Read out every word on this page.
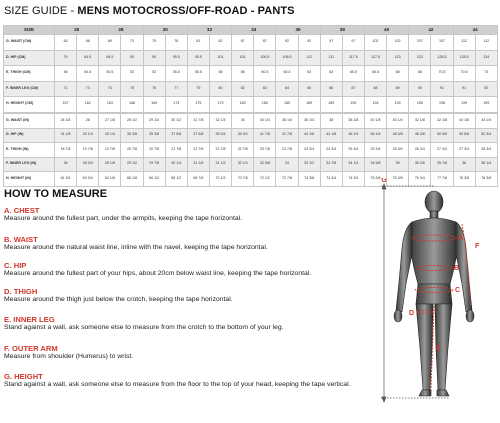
SIZE GUIDE - MENS MOTOCROSS/OFF-ROAD - PANTS
SIZE	26		28		30		32		34		36		38		40		42		44	
G. WAIST (CM)	63	66	69	73	75	78	81	82	87	87	92	92	97	97	102	102	107	107	112	112
D. HIP (CM)	79	84.5	84.5	90	90	95.5	95.5	101	101	106.5	106.5	112	112	117.5	117.5	123	123	128.5	128.5	134
E. THIGH (CM)	48	54.5	50.5	53	53	55.5	55.5	58	58	60.5	60.5	63	63	65.5	65.5	68	68	70.5	70.5	73
F. INNER LEG (CM)	71	73	74	75	76	77	79	80	82	83	84	85	86	87	88	89	90	91	91	92
H. HEIGHT (CM)	157	162	163	168	169	174	175	179	180	184	185	189	189	190	194	194	195	198	199	199
G. WAIST (IN)	24 3/4	26	27 1/8	28 1/2	29 1/2	30 1/2	31 7/8	32 1/4	34	34 1/4	36 1/4	36 1/4	38	38 1/8	40 1/8	40 1/4	42 1/8	42 1/8	44 1/8	44 1/4
D. HIP (IN)	31 1/8	33 1/4	33 1/4	35 3/8	35 3/8	37 5/8	37 5/8	39 3/4	39 3/4	41 7/8	41 7/8	44 1/8	44 1/8	46 1/4	46 1/4	48 3/8	48 3/8	50 5/8	50 5/8	52 3/4
E. THIGH (IN)	18 7/8	19 7/8	19 7/8	20 7/8	20 7/8	21 7/8	21 7/8	22 7/8	22 7/8	23 7/8	23 7/8	24 3/4	24 3/4	25 3/4	25 3/4	26 3/4	26 3/4	27 3/4	27 3/4	28 3/4
F. INNER LEG (IN)	28	28 3/4	29 1/8	29 1/2	29 7/8	30 1/4	31 1/8	31 1/2	32 1/4	32 5/8	33	33 1/2	33 7/8	34 1/4	34 5/8	35	35 3/8	35 7/8	36	36 1/4
H. HEIGHT (IN)	61 3/4	63 3/4	64 1/8	66 1/8	66 1/2	68 1/2	68 7/8	70 1/2	70 7/8	72 1/2	72 7/8	74 3/8	74 3/4	74 3/4	76 3/8	76 3/8	76 3/4	77 7/8	78 3/8	78 3/8
HOW TO MEASURE
A. CHEST
Measure around the fullest part, under the armpits, keeping the tape horizontal.
B. WAIST
Measure around the natural waist line, inline with the navel, keeping the tape horizontal.
C. HIP
Measure around the fullest part of your hips, about 20cm below waist line, keeping the tape horizontal.
D. THIGH
Measure around the thigh just below the crotch, keeping the tape horizontal.
E. INNER LEG
Stand against a wall, ask someone else to measure from the crotch to the bottom of your leg.
F. OUTER ARM
Measure from shoulder (Humerus) to wrist.
G. HEIGHT
Stand against a wall, ask someone else to measure from the floor to the top of your head, keeping the tape vertical.
G
F
A
B
C
D
E
